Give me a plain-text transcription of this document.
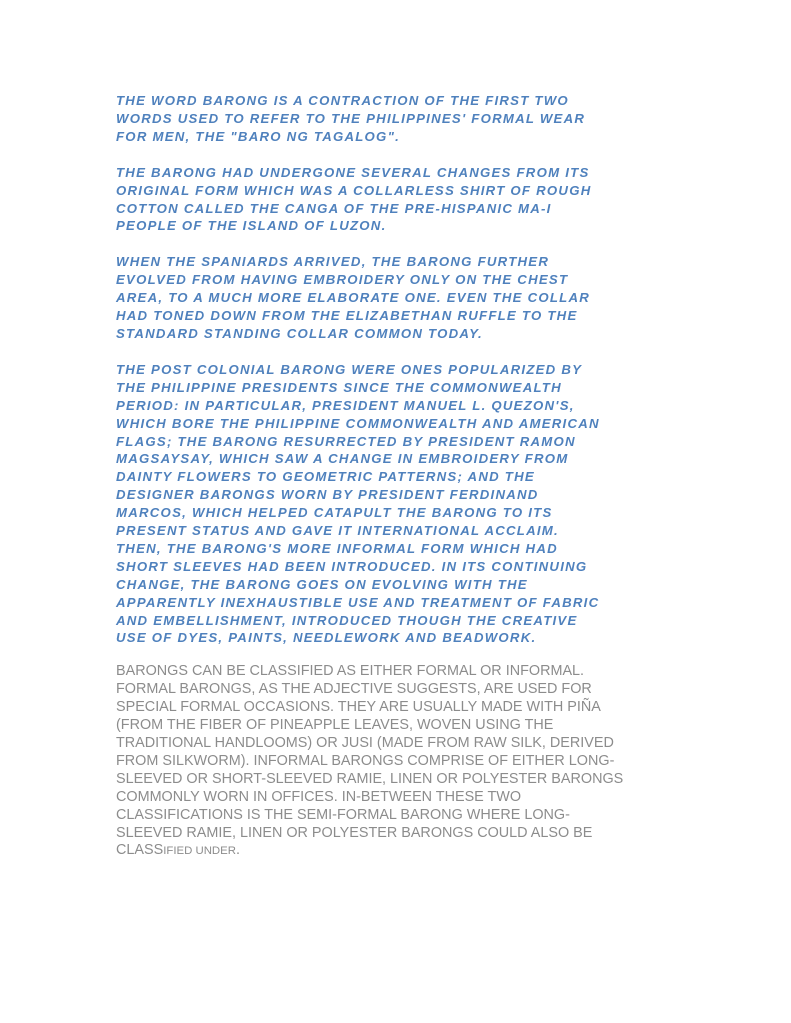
THE WORD BARONG IS A CONTRACTION OF THE FIRST TWO
WORDS USED TO REFER TO THE PHILIPPINES' FORMAL WEAR
FOR MEN, THE "BARO NG TAGALOG".

THE BARONG HAD UNDERGONE SEVERAL CHANGES FROM ITS
ORIGINAL FORM WHICH WAS A COLLARLESS SHIRT OF ROUGH
COTTON CALLED THE CANGA OF THE PRE-HISPANIC MA-I
PEOPLE OF THE ISLAND OF LUZON.

WHEN THE SPANIARDS ARRIVED, THE BARONG FURTHER
EVOLVED FROM HAVING EMBROIDERY ONLY ON THE CHEST
AREA, TO A MUCH MORE ELABORATE ONE. EVEN THE COLLAR
HAD TONED DOWN FROM THE ELIZABETHAN RUFFLE TO THE
STANDARD STANDING COLLAR COMMON TODAY.

THE POST COLONIAL BARONG WERE ONES POPULARIZED BY
THE PHILIPPINE PRESIDENTS SINCE THE COMMONWEALTH
PERIOD: IN PARTICULAR, PRESIDENT MANUEL L. QUEZON'S,
WHICH BORE THE PHILIPPINE COMMONWEALTH AND AMERICAN
FLAGS; THE BARONG RESURRECTED BY PRESIDENT RAMON
MAGSAYSAY, WHICH SAW A CHANGE IN EMBROIDERY FROM
DAINTY FLOWERS TO GEOMETRIC PATTERNS; AND THE
DESIGNER BARONGS WORN BY PRESIDENT FERDINAND
MARCOS, WHICH HELPED CATAPULT THE BARONG TO ITS
PRESENT STATUS AND GAVE IT INTERNATIONAL ACCLAIM.
THEN, THE BARONG'S MORE INFORMAL FORM WHICH HAD
SHORT SLEEVES HAD BEEN INTRODUCED. IN ITS CONTINUING
CHANGE, THE BARONG GOES ON EVOLVING WITH THE
APPARENTLY INEXHAUSTIBLE USE AND TREATMENT OF FABRIC
AND EMBELLISHMENT, INTRODUCED THOUGH THE CREATIVE
USE OF DYES, PAINTS, NEEDLEWORK AND BEADWORK.

BARONGS CAN BE CLASSIFIED AS EITHER FORMAL OR INFORMAL.
FORMAL BARONGS, AS THE ADJECTIVE SUGGESTS, ARE USED FOR
SPECIAL FORMAL OCCASIONS. THEY ARE USUALLY MADE WITH PIÑA
(FROM THE FIBER OF PINEAPPLE LEAVES, WOVEN USING THE
TRADITIONAL HANDLOOMS) OR JUSI (MADE FROM RAW SILK, DERIVED
FROM SILKWORM). INFORMAL BARONGS COMPRISE OF EITHER LONG-
SLEEVED OR SHORT-SLEEVED RAMIE, LINEN OR POLYESTER BARONGS
COMMONLY WORN IN OFFICES. IN-BETWEEN THESE TWO
CLASSIFICATIONS IS THE SEMI-FORMAL BARONG WHERE LONG-
SLEEVED RAMIE, LINEN OR POLYESTER BARONGS COULD ALSO BE
CLASSIFIED UNDER.
